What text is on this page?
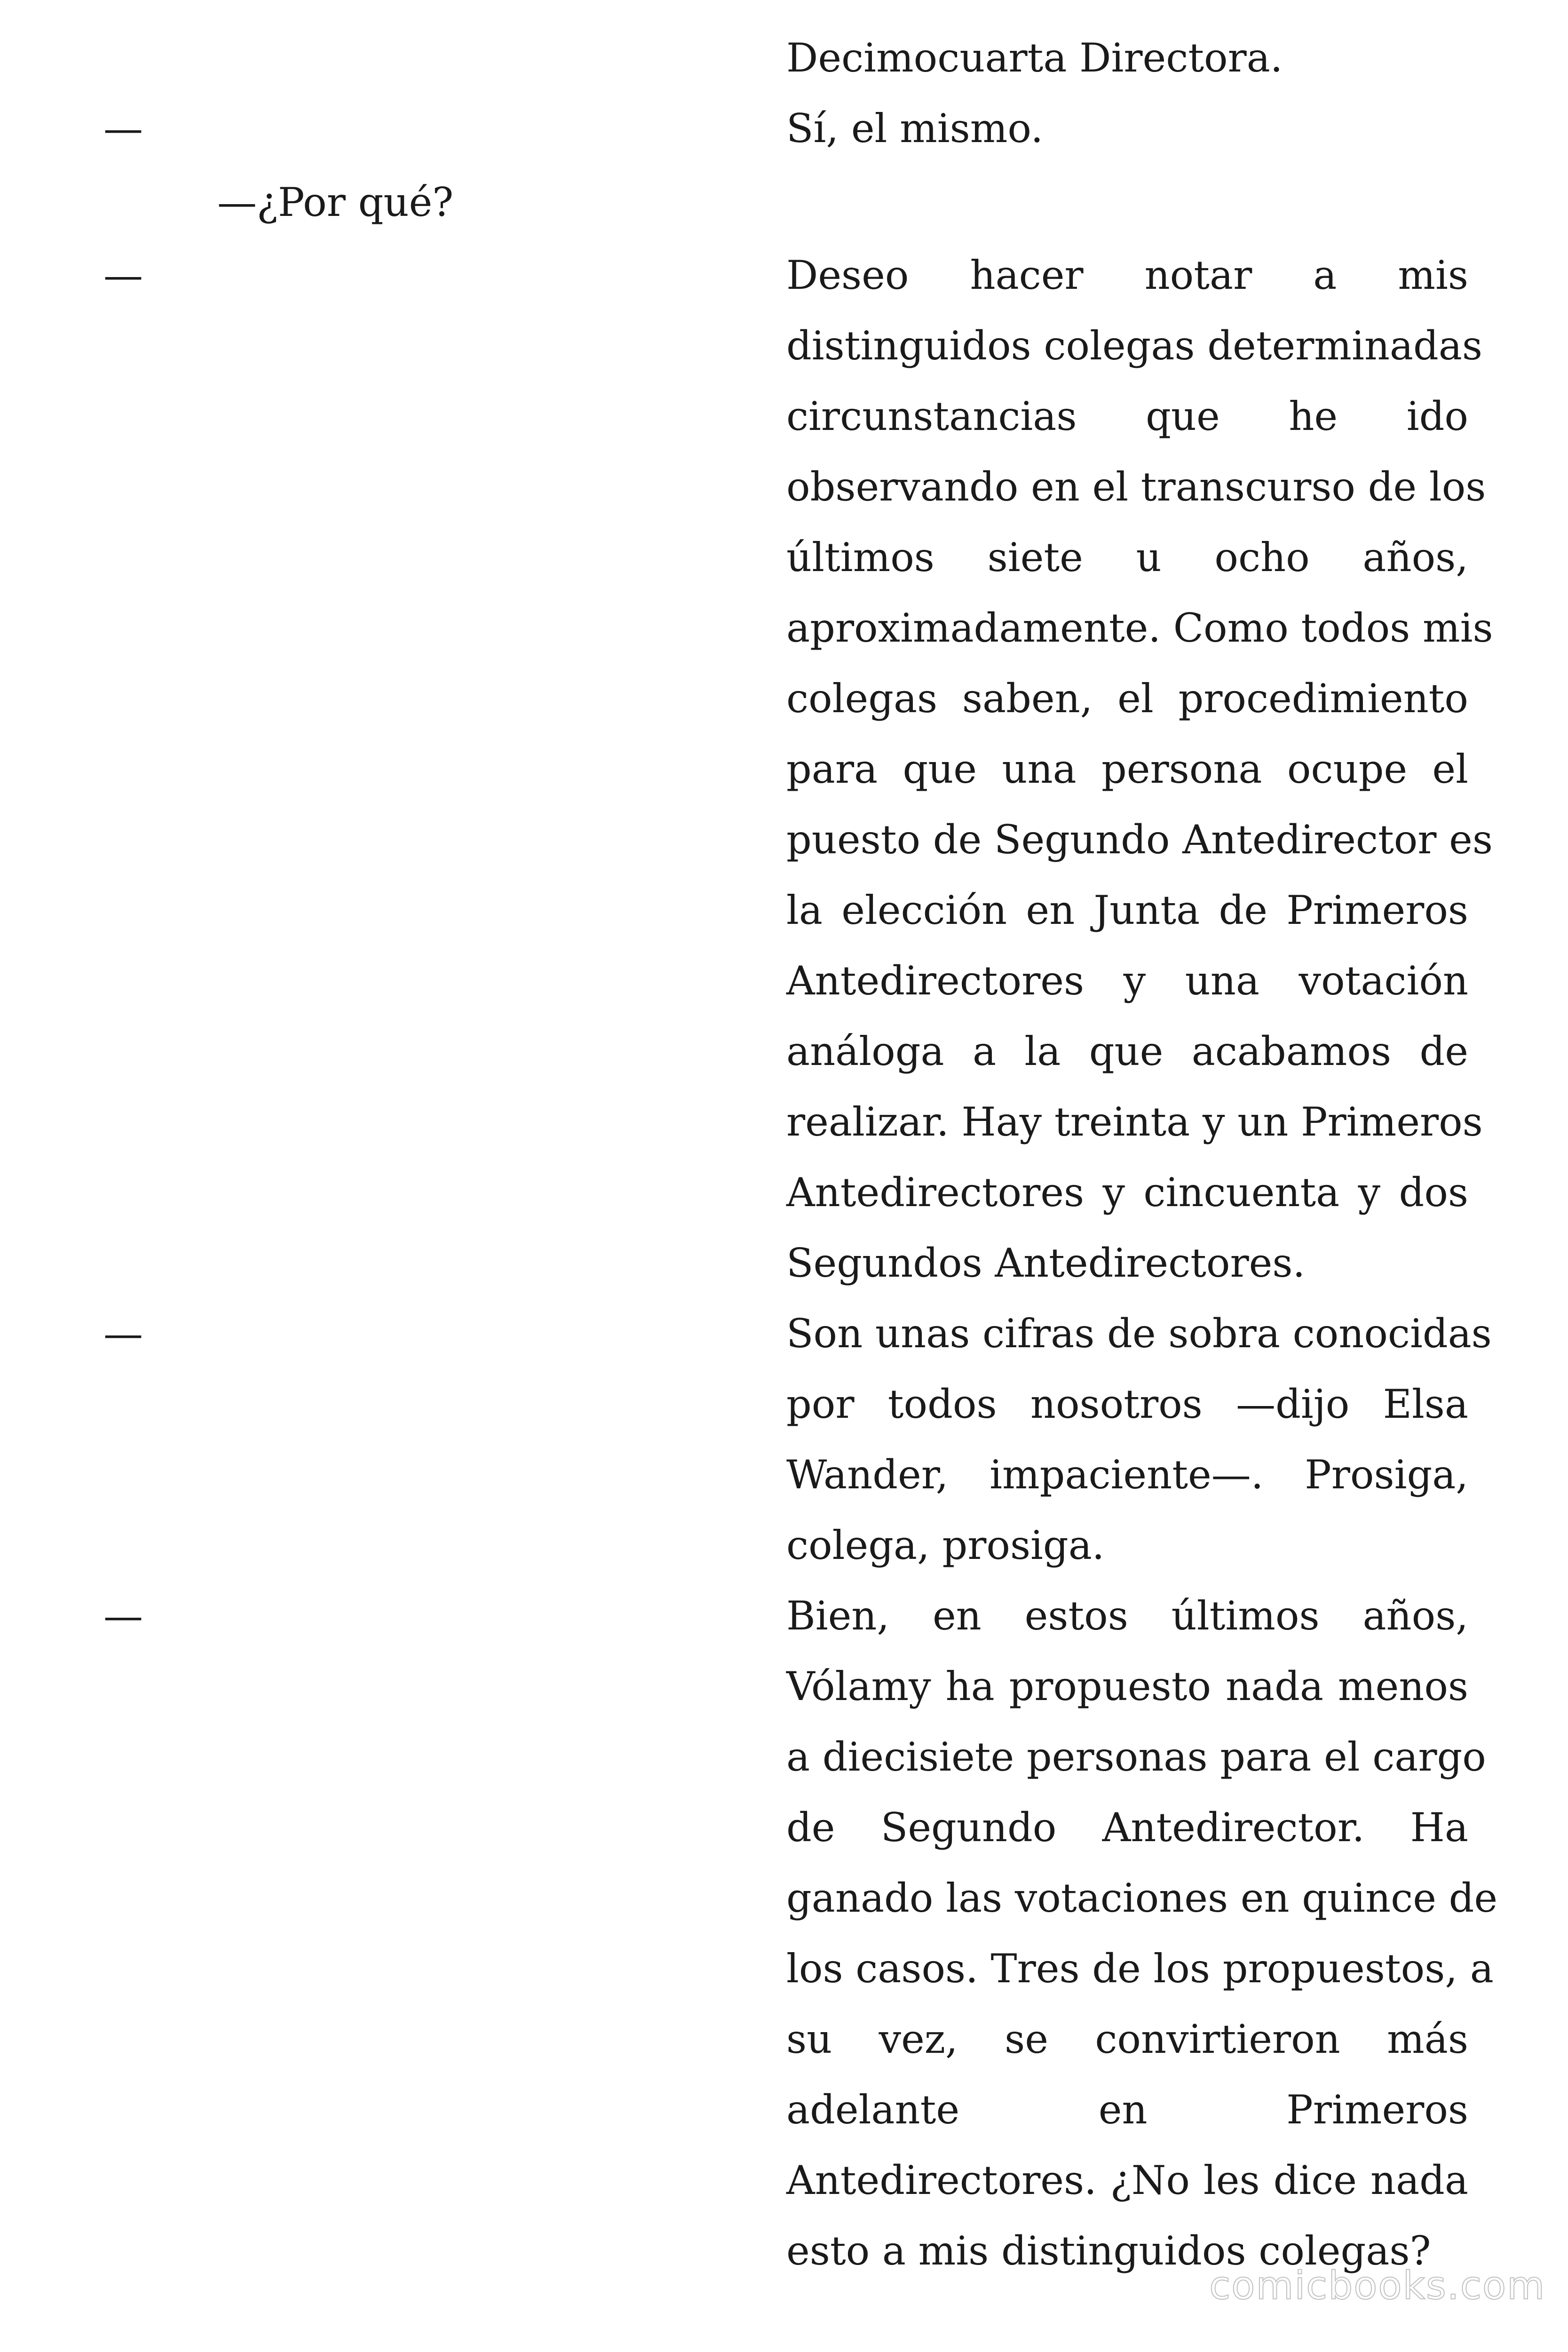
Decimocuarta Directora.
—	Sí, el mismo.
—¿Por qué?
—	Deseo hacer notar a mis
distinguidos colegas determinadas
circunstancias que he ido
observando en el transcurso de los
últimos siete u ocho años,
aproximadamente. Como todos mis
colegas saben, el procedimiento
para que una persona ocupe el
puesto de Segundo Antedirector es
la elección en Junta de Primeros
Antedirectores y una votación
análoga a la que acabamos de
realizar. Hay treinta y un Primeros
Antedirectores y cincuenta y dos
Segundos Antedirectores.
—	Son unas cifras de sobra conocidas
por todos nosotros —dijo Elsa
Wander, impaciente—. Prosiga,
colega, prosiga.
—	Bien, en estos últimos años,
Vólamy ha propuesto nada menos
a diecisiete personas para el cargo
de Segundo Antedirector. Ha
ganado las votaciones en quince de
los casos. Tres de los propuestos, a
su vez, se convirtieron más
adelante en Primeros
Antedirectores. ¿No les dice nada
esto a mis distinguidos colegas?
comicbooks.com
